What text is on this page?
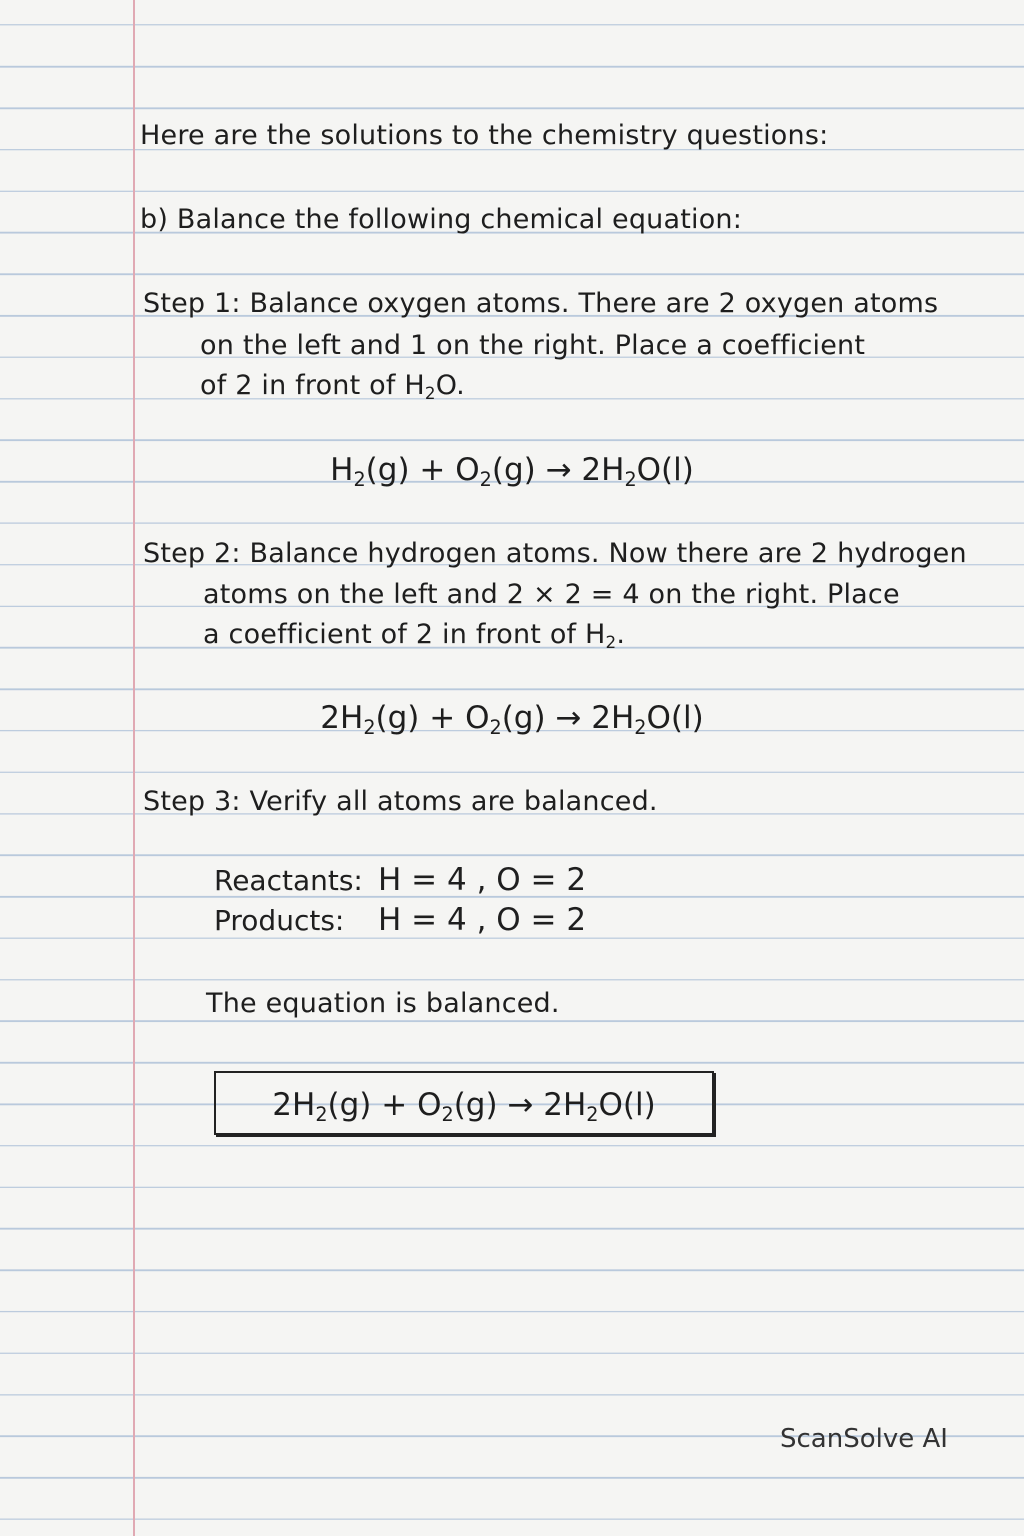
Here are the solutions to the chemistry questions:
b) Balance the following chemical equation:
Step 1: Balance oxygen atoms. There are 2 oxygen atoms
on the left and 1 on the right. Place a coefficient
of 2 in front of $H_2O$.
$H_2(g) + O_2(g) \to 2H_2O(l)$
Step 2: Balance hydrogen atoms. Now there are 2 hydrogen
atoms on the left and 2 × 2 = 4 on the right. Place
a coefficient of 2 in front of $H_2$.
$2H_2(g) + O_2(g) \to 2H_2O(l)$
Step 3: Verify all atoms are balanced.
Reactants: H = 4 , O = 2
Products: H = 4 , O = 2
The equation is balanced.
$2H_2(g) + O_2(g) \to 2H_2O(l)$
ScanSolve AI
